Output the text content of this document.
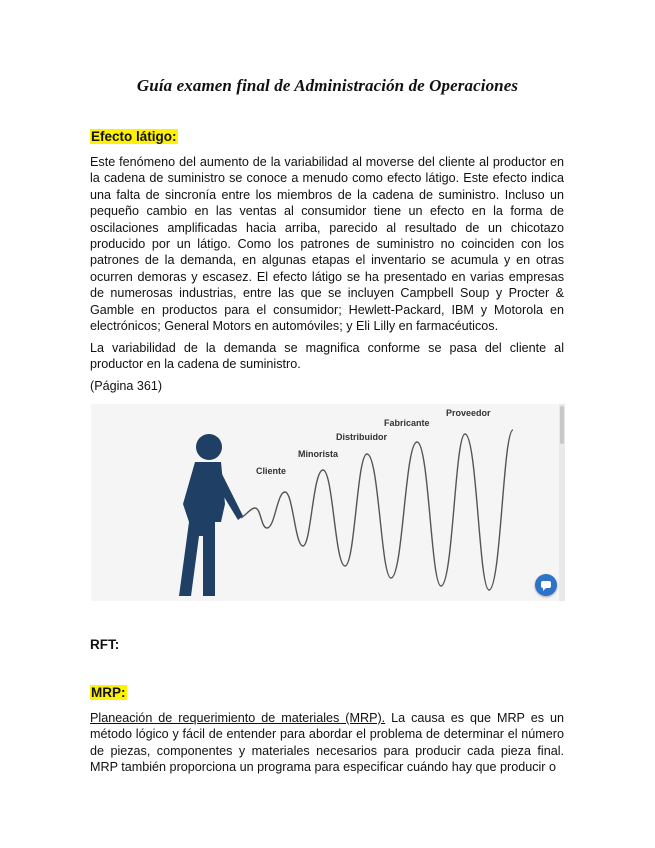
Guía examen final de Administración de Operaciones
Efecto látigo:

Este fenómeno del aumento de la variabilidad al moverse del cliente al productor en la cadena de suministro se conoce a menudo como efecto látigo. Este efecto indica una falta de sincronía entre los miembros de la cadena de suministro. Incluso un pequeño cambio en las ventas al consumidor tiene un efecto en la forma de oscilaciones amplificadas hacia arriba, parecido al resultado de un chicotazo producido por un látigo. Como los patrones de suministro no coinciden con los patrones de la demanda, en algunas etapas el inventario se acumula y en otras ocurren demoras y escasez. El efecto látigo se ha presentado en varias empresas de numerosas industrias, entre las que se incluyen Campbell Soup y Procter & Gamble en productos para el consumidor; Hewlett-Packard, IBM y Motorola en electrónicos; General Motors en automóviles; y Eli Lilly en farmacéuticos.

La variabilidad de la demanda se magnifica conforme se pasa del cliente al productor en la cadena de suministro.

(Página 361)

Cliente
Minorista
Distribuidor
Fabricante
Proveedor
RFT:
MRP:

Planeación de requerimiento de materiales (MRP). La causa es que MRP es un método lógico y fácil de entender para abordar el problema de determinar el número de piezas, componentes y materiales necesarios para producir cada pieza final. MRP también proporciona un programa para especificar cuándo hay que producir o
